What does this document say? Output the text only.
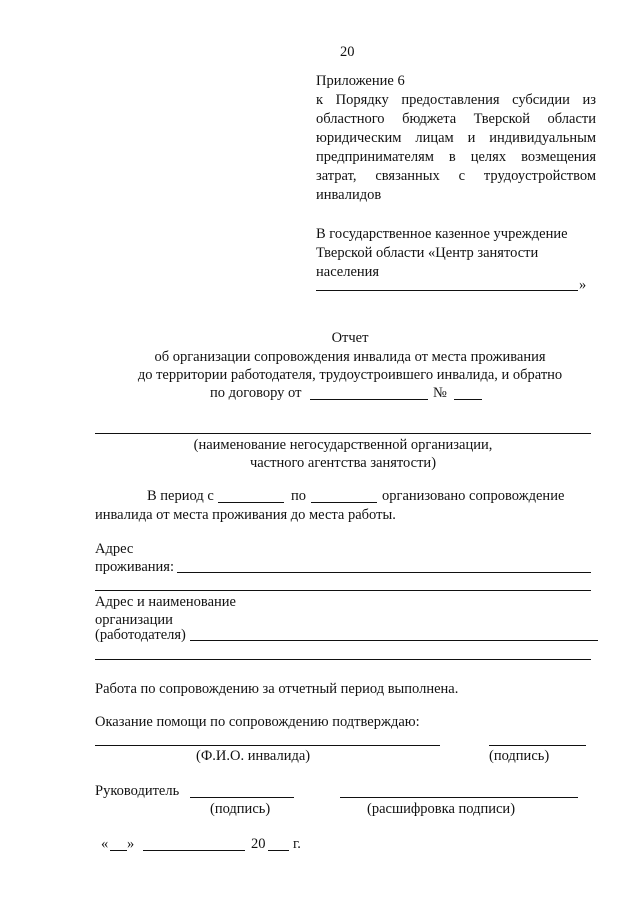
20
Приложение 6
к Порядку предоставления субсидии из
областного бюджета Тверской области
юридическим лицам и индивидуальным
предпринимателям в целях возмещения
затрат, связанных с трудоустройством
инвалидов
В государственное казенное учреждение
Тверской области «Центр занятости
населения
»
Отчет
об организации сопровождения инвалида от места проживания
до территории работодателя, трудоустроившего инвалида, и обратно
по договору от	№
(наименование негосударственной организации,
частного агентства занятости)
В период с	по	организовано сопровождение
инвалида от места проживания до места работы.
Адрес
проживания:
Адрес и наименование
организации
(работодателя)
Работа по сопровождению за отчетный период выполнена.
Оказание помощи по сопровождению подтверждаю:
(Ф.И.О. инвалида)	(подпись)
Руководитель
(подпись)	(расшифровка подписи)
« »	20 г.
